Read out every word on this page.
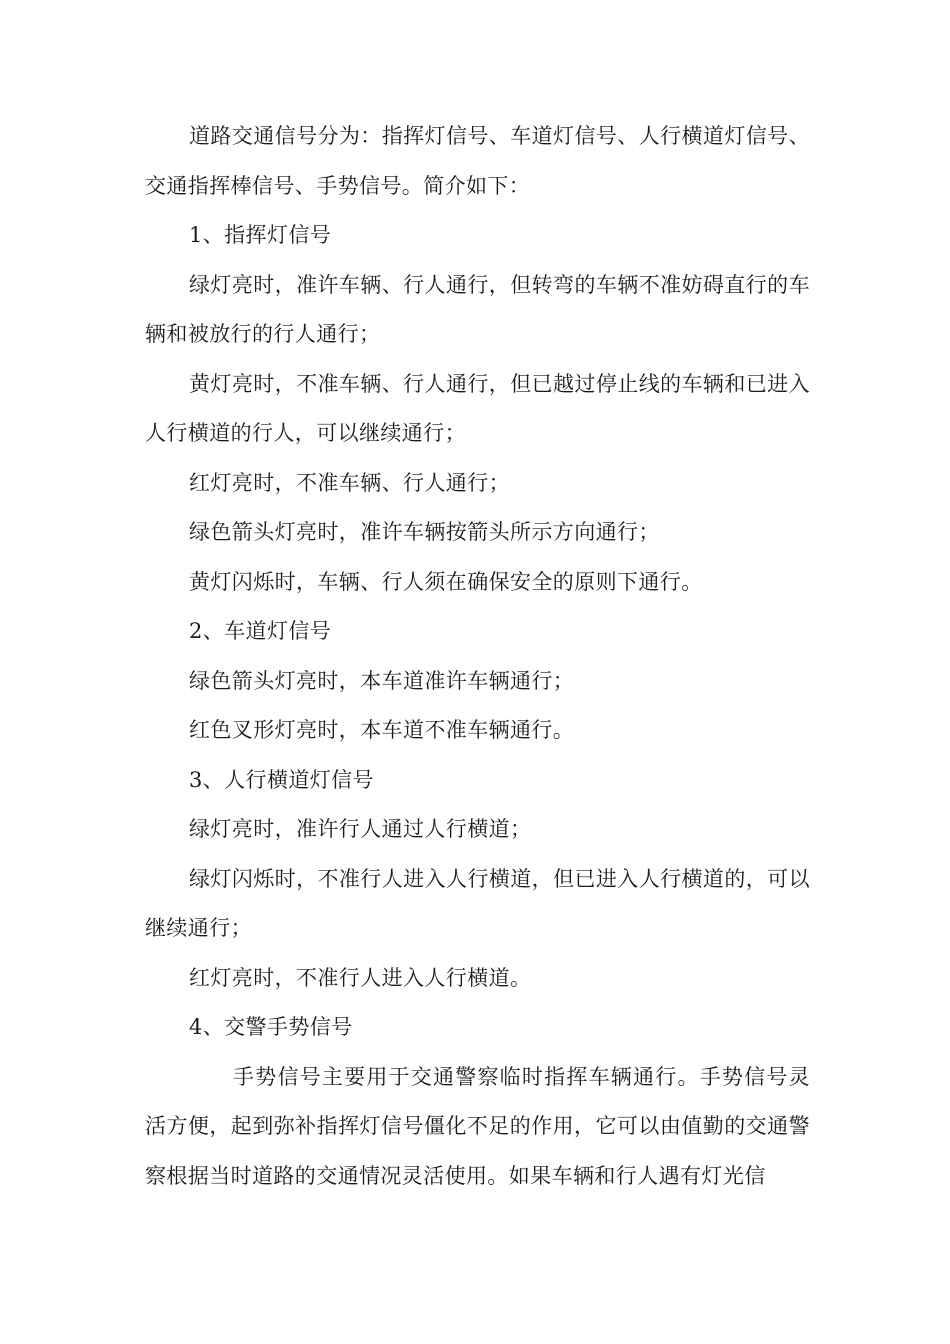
道路交通信号分为：指挥灯信号、车道灯信号、人行横道灯信号、交通指挥棒信号、手势信号。简介如下：

1、指挥灯信号

绿灯亮时，准许车辆、行人通行，但转弯的车辆不准妨碍直行的车辆和被放行的行人通行；

黄灯亮时，不准车辆、行人通行，但已越过停止线的车辆和已进入人行横道的行人，可以继续通行；

红灯亮时，不准车辆、行人通行；

绿色箭头灯亮时，准许车辆按箭头所示方向通行；

黄灯闪烁时，车辆、行人须在确保安全的原则下通行。

2、车道灯信号

绿色箭头灯亮时，本车道准许车辆通行；

红色叉形灯亮时，本车道不准车辆通行。

3、人行横道灯信号

绿灯亮时，准许行人通过人行横道；

绿灯闪烁时，不准行人进入人行横道，但已进入人行横道的，可以继续通行；

红灯亮时，不准行人进入人行横道。

4、交警手势信号

手势信号主要用于交通警察临时指挥车辆通行。手势信号灵活方便，起到弥补指挥灯信号僵化不足的作用，它可以由值勤的交通警察根据当时道路的交通情况灵活使用。如果车辆和行人遇有灯光信
